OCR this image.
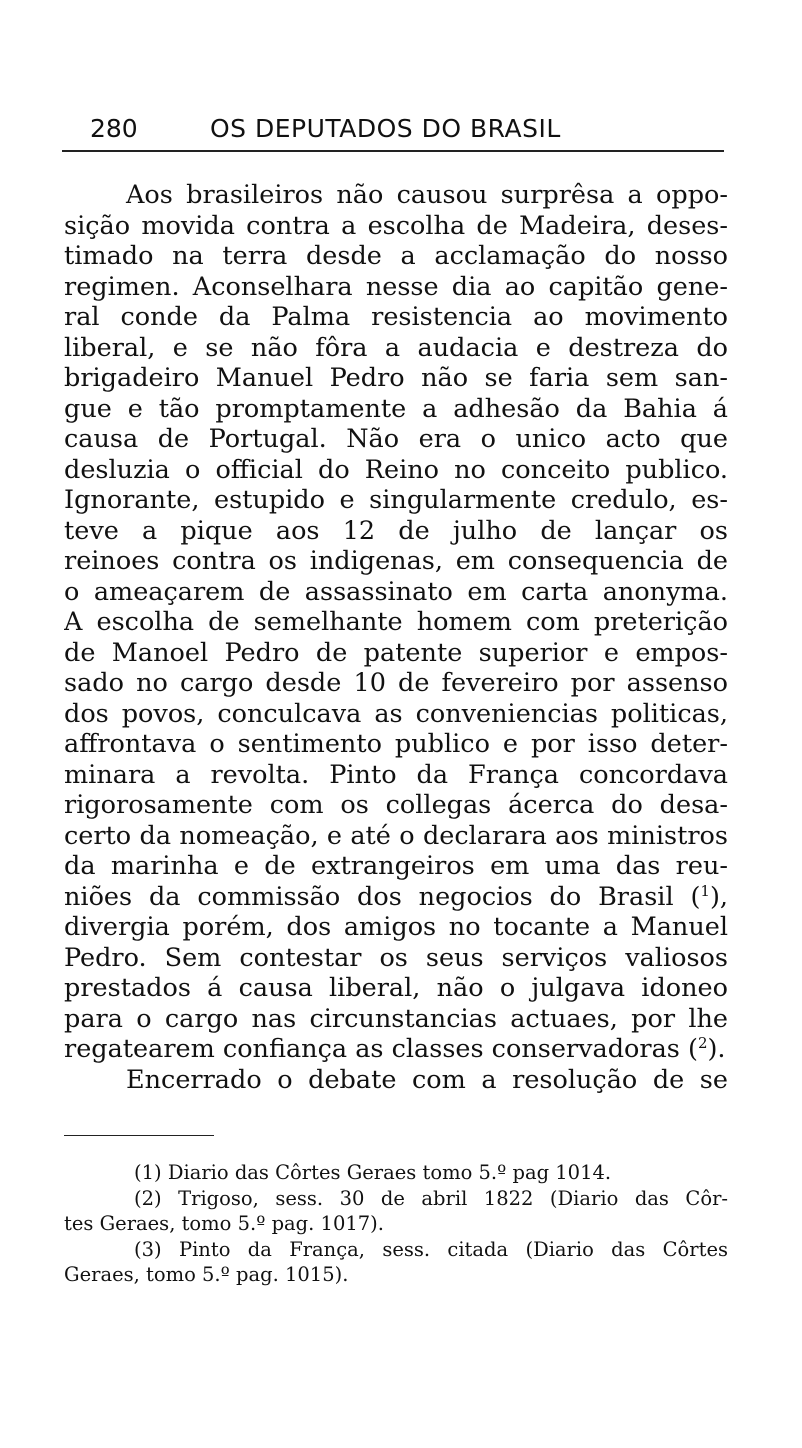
280	OS DEPUTADOS DO BRASIL
Aos brasileiros não causou surprêsa a oppo-
sição movida contra a escolha de Madeira, deses-
timado na terra desde a acclamação do nosso
regimen. Aconselhara nesse dia ao capitão gene-
ral conde da Palma resistencia ao movimento
liberal, e se não fôra a audacia e destreza do
brigadeiro Manuel Pedro não se faria sem san-
gue e tão promptamente a adhesão da Bahia á
causa de Portugal. Não era o unico acto que
desluzia o official do Reino no conceito publico.
Ignorante, estupido e singularmente credulo, es-
teve a pique aos 12 de julho de lançar os
reinoes contra os indigenas, em consequencia de
o ameaçarem de assassinato em carta anonyma.
A escolha de semelhante homem com preterição
de Manoel Pedro de patente superior e empos-
sado no cargo desde 10 de fevereiro por assenso
dos povos, conculcava as conveniencias politicas,
affrontava o sentimento publico e por isso deter-
minara a revolta. Pinto da França concordava
rigorosamente com os collegas ácerca do desa-
certo da nomeação, e até o declarara aos ministros
da marinha e de extrangeiros em uma das reu-
niões da commissão dos negocios do Brasil ($^1$),
divergia porém, dos amigos no tocante a Manuel
Pedro. Sem contestar os seus serviços valiosos
prestados á causa liberal, não o julgava idoneo
para o cargo nas circunstancias actuaes, por lhe
regatearem confiança as classes conservadoras ($^2$).
Encerrado o debate com a resolução de se
(1) Diario das Côrtes Geraes tomo 5.º pag 1014.
(2) Trigoso, sess. 30 de abril 1822 (Diario das Côr-
tes Geraes, tomo 5.º pag. 1017).
(3) Pinto da França, sess. citada (Diario das Côrtes
Geraes, tomo 5.º pag. 1015).
